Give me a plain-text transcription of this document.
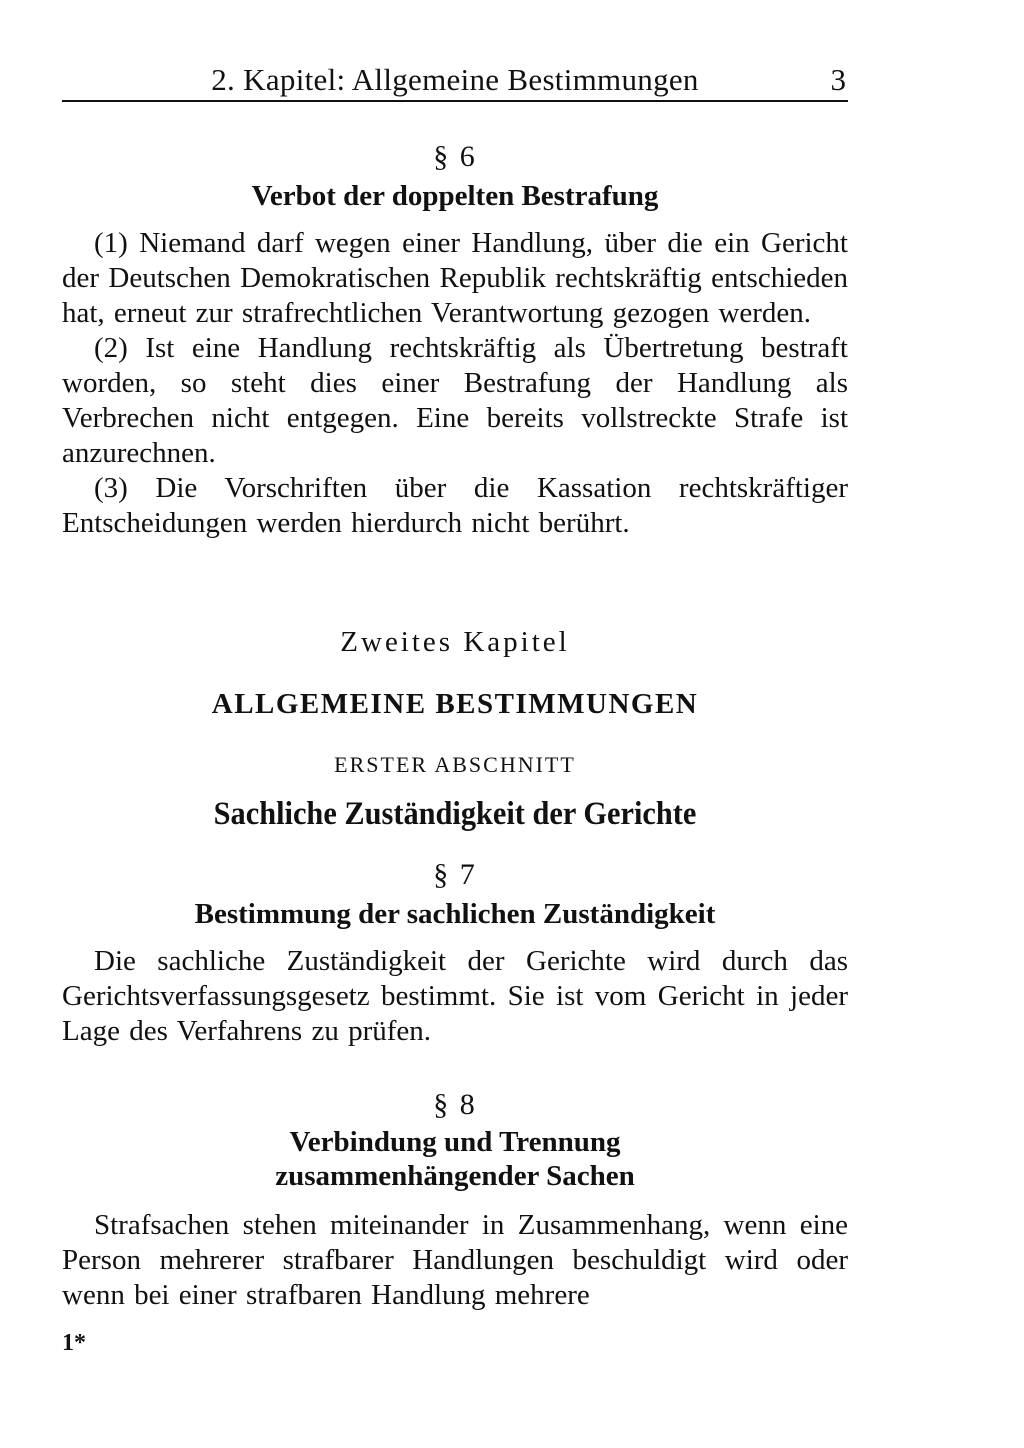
2. Kapitel: Allgemeine Bestimmungen	3
§ 6
Verbot der doppelten Bestrafung

(1) Niemand darf wegen einer Handlung, über die ein Gericht der Deutschen Demokratischen Republik rechtskräftig entschieden hat, erneut zur strafrechtlichen Verantwortung gezogen werden.

(2) Ist eine Handlung rechtskräftig als Übertretung bestraft worden, so steht dies einer Bestrafung der Handlung als Verbrechen nicht entgegen. Eine bereits vollstreckte Strafe ist anzurechnen.

(3) Die Vorschriften über die Kassation rechtskräftiger Entscheidungen werden hierdurch nicht berührt.

Zweites Kapitel
ALLGEMEINE BESTIMMUNGEN
ERSTER ABSCHNITT
Sachliche Zuständigkeit der Gerichte
§ 7
Bestimmung der sachlichen Zuständigkeit

Die sachliche Zuständigkeit der Gerichte wird durch das Gerichtsverfassungsgesetz bestimmt. Sie ist vom Gericht in jeder Lage des Verfahrens zu prüfen.

§ 8
Verbindung und Trennung
zusammenhängender Sachen

Strafsachen stehen miteinander in Zusammenhang, wenn eine Person mehrerer strafbarer Handlungen beschuldigt wird oder wenn bei einer strafbaren Handlung mehrere

1*
